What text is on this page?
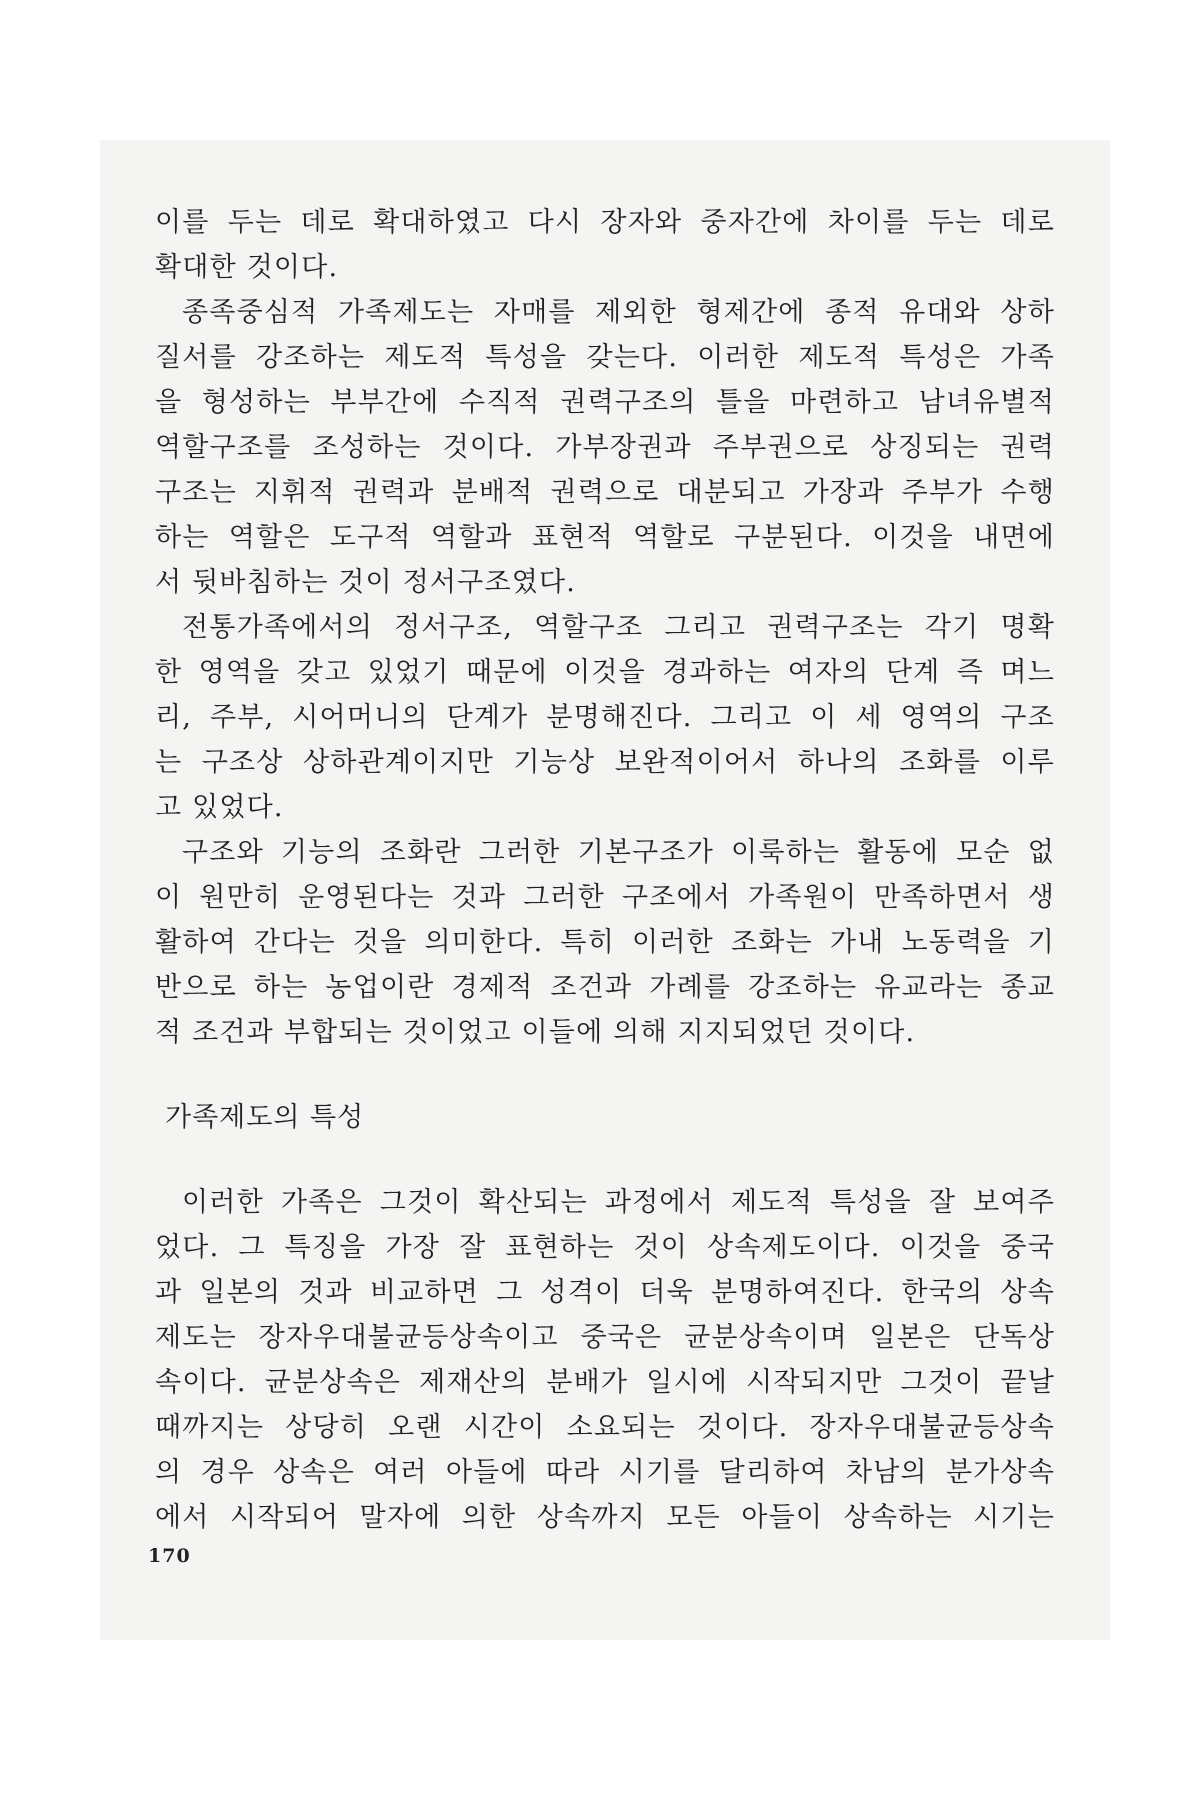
이를 두는 데로 확대하였고 다시 장자와 중자간에 차이를 두는 데로
확대한 것이다.
종족중심적 가족제도는 자매를 제외한 형제간에 종적 유대와 상하
질서를 강조하는 제도적 특성을 갖는다. 이러한 제도적 특성은 가족
을 형성하는 부부간에 수직적 권력구조의 틀을 마련하고 남녀유별적
역할구조를 조성하는 것이다. 가부장권과 주부권으로 상징되는 권력
구조는 지휘적 권력과 분배적 권력으로 대분되고 가장과 주부가 수행
하는 역할은 도구적 역할과 표현적 역할로 구분된다. 이것을 내면에
서 뒷바침하는 것이 정서구조였다.
전통가족에서의 정서구조, 역할구조 그리고 권력구조는 각기 명확
한 영역을 갖고 있었기 때문에 이것을 경과하는 여자의 단계 즉 며느
리, 주부, 시어머니의 단계가 분명해진다. 그리고 이 세 영역의 구조
는 구조상 상하관계이지만 기능상 보완적이어서 하나의 조화를 이루
고 있었다.
구조와 기능의 조화란 그러한 기본구조가 이룩하는 활동에 모순 없
이 원만히 운영된다는 것과 그러한 구조에서 가족원이 만족하면서 생
활하여 간다는 것을 의미한다. 특히 이러한 조화는 가내 노동력을 기
반으로 하는 농업이란 경제적 조건과 가례를 강조하는 유교라는 종교
적 조건과 부합되는 것이었고 이들에 의해 지지되었던 것이다.
가족제도의 특성
이러한 가족은 그것이 확산되는 과정에서 제도적 특성을 잘 보여주
었다. 그 특징을 가장 잘 표현하는 것이 상속제도이다. 이것을 중국
과 일본의 것과 비교하면 그 성격이 더욱 분명하여진다. 한국의 상속
제도는 장자우대불균등상속이고 중국은 균분상속이며 일본은 단독상
속이다. 균분상속은 제재산의 분배가 일시에 시작되지만 그것이 끝날
때까지는 상당히 오랜 시간이 소요되는 것이다. 장자우대불균등상속
의 경우 상속은 여러 아들에 따라 시기를 달리하여 차남의 분가상속
에서 시작되어 말자에 의한 상속까지 모든 아들이 상속하는 시기는
170
